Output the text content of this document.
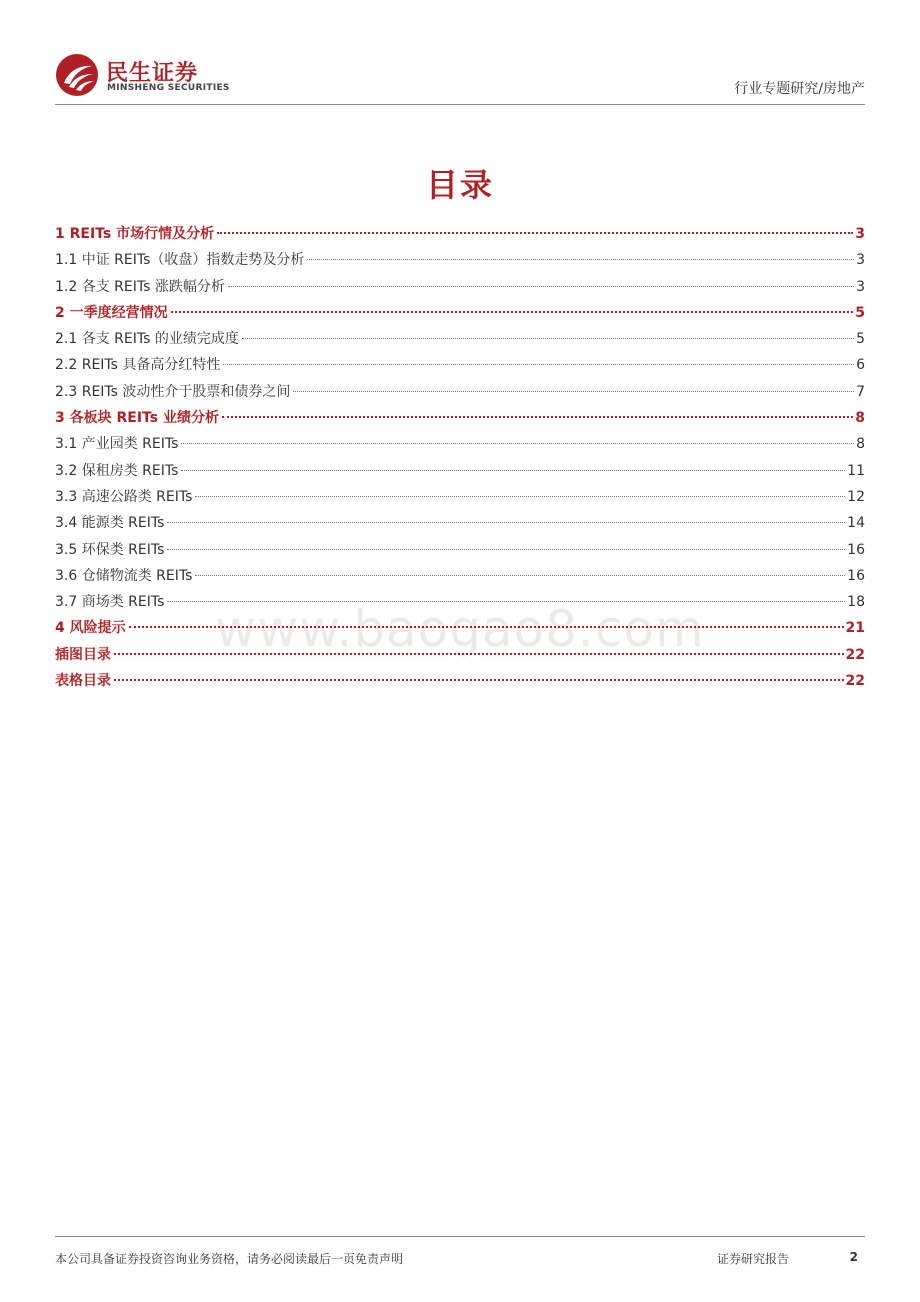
民生证券
MINSHENG SECURITIES	行业专题研究/房地产
目录
1 REITs 市场行情及分析	3
1.1 中证 REITs（收盘）指数走势及分析	3
1.2 各支 REITs 涨跌幅分析	3
2 一季度经营情况	5
2.1 各支 REITs 的业绩完成度	5
2.2 REITs 具备高分红特性	6
2.3 REITs 波动性介于股票和债券之间	7
3 各板块 REITs 业绩分析	8
3.1 产业园类 REITs	8
3.2 保租房类 REITs	11
3.3 高速公路类 REITs	12
3.4 能源类 REITs	14
3.5 环保类 REITs	16
3.6 仓储物流类 REITs	16
3.7 商场类 REITs	18
4 风险提示	21
插图目录	22
表格目录	22
www.baogao8.com
本公司具备证券投资咨询业务资格，请务必阅读最后一页免责声明	证券研究报告	2
